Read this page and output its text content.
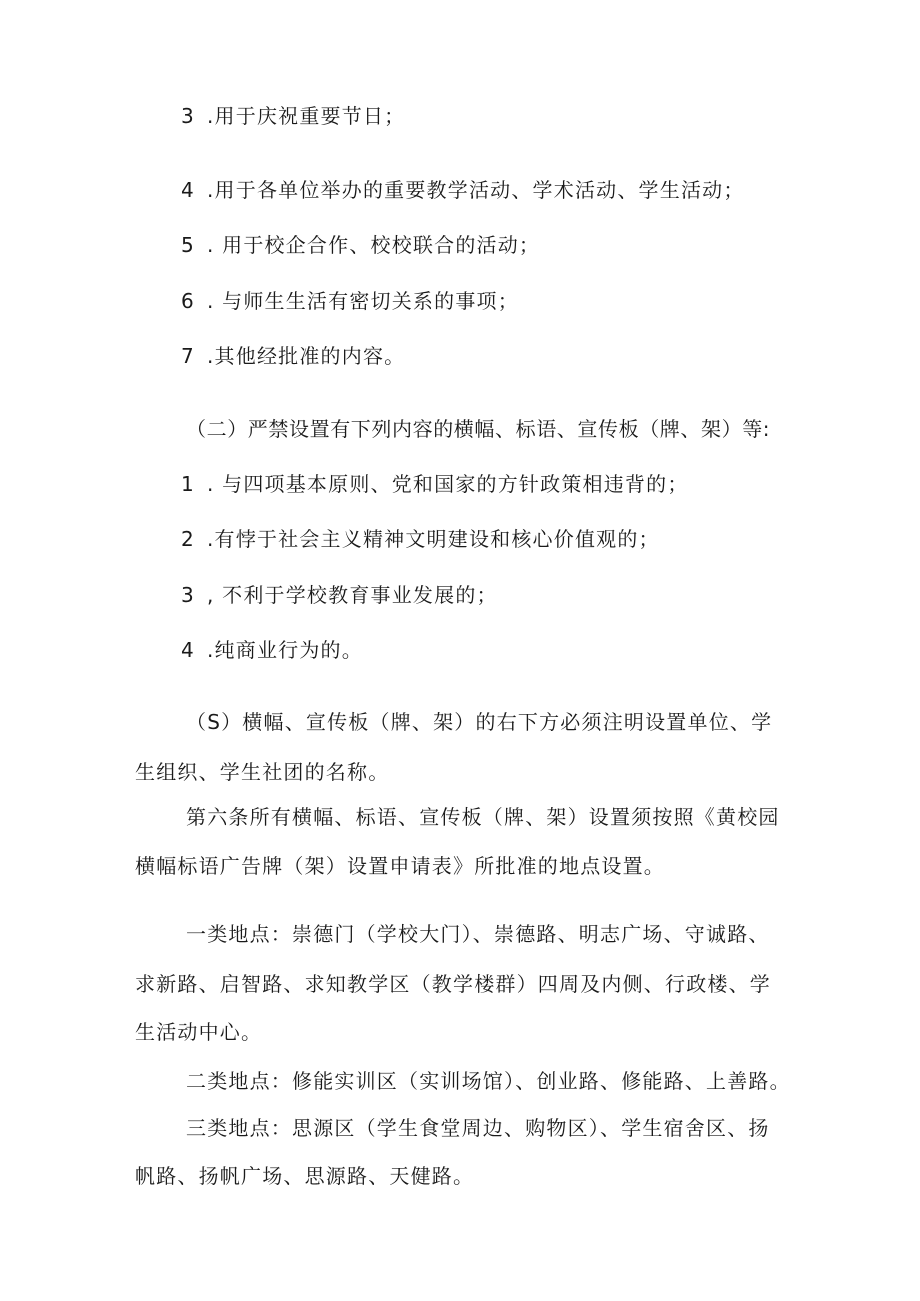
3 .用于庆祝重要节日；
4 .用于各单位举办的重要教学活动、学术活动、学生活动；
5 . 用于校企合作、校校联合的活动；
6 . 与师生生活有密切关系的事项；
7 .其他经批准的内容。
（二）严禁设置有下列内容的横幅、标语、宣传板（牌、架）等:
1 . 与四项基本原则、党和国家的方针政策相违背的；
2 .有悖于社会主义精神文明建设和核心价值观的；
3 , 不利于学校教育事业发展的；
4 .纯商业行为的。
（S）横幅、宣传板（牌、架）的右下方必须注明设置单位、学
生组织、学生社团的名称。
第六条所有横幅、标语、宣传板（牌、架）设置须按照《黄校园
横幅标语广告牌（架）设置申请表》所批准的地点设置。
一类地点：崇德门（学校大门）、崇德路、明志广场、守诚路、
求新路、启智路、求知教学区（教学楼群）四周及内侧、行政楼、学
生活动中心。
二类地点：修能实训区（实训场馆）、创业路、修能路、上善路。
三类地点：思源区（学生食堂周边、购物区）、学生宿舍区、扬
帆路、扬帆广场、思源路、天健路。
